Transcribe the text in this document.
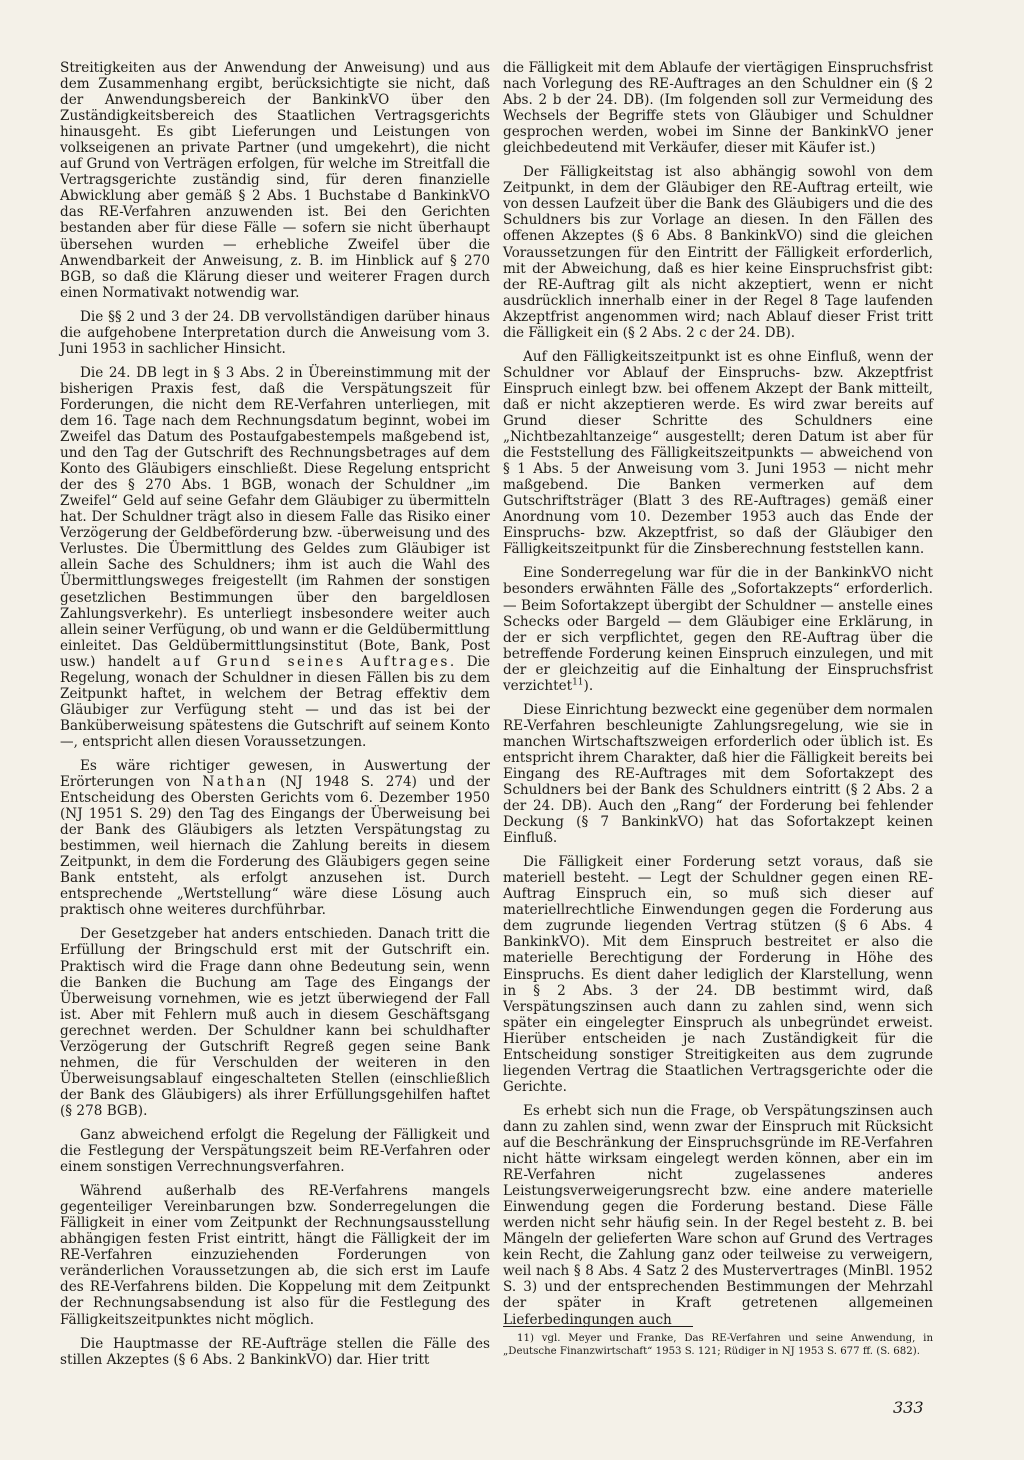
Streitigkeiten aus der Anwendung der Anweisung) und aus dem Zusammenhang ergibt, berücksichtigte sie nicht, daß der Anwendungsbereich der BankinkVO über den Zuständigkeitsbereich des Staatlichen Vertragsgerichts hinausgeht. Es gibt Lieferungen und Leistungen von volkseigenen an private Partner (und umgekehrt), die nicht auf Grund von Verträgen erfolgen, für welche im Streitfall die Vertragsgerichte zuständig sind, für deren finanzielle Abwicklung aber gemäß § 2 Abs. 1 Buchstabe d BankinkVO das RE-Verfahren anzuwenden ist. Bei den Gerichten bestanden aber für diese Fälle — sofern sie nicht überhaupt übersehen wurden — erhebliche Zweifel über die Anwendbarkeit der Anweisung, z. B. im Hinblick auf § 270 BGB, so daß die Klärung dieser und weiterer Fragen durch einen Normativakt notwendig war.

Die §§ 2 und 3 der 24. DB vervollständigen darüber hinaus die aufgehobene Interpretation durch die Anweisung vom 3. Juni 1953 in sachlicher Hinsicht.

Die 24. DB legt in § 3 Abs. 2 in Übereinstimmung mit der bisherigen Praxis fest, daß die Verspätungszeit für Forderungen, die nicht dem RE-Verfahren unterliegen, mit dem 16. Tage nach dem Rechnungsdatum beginnt, wobei im Zweifel das Datum des Postaufgabestempels maßgebend ist, und den Tag der Gutschrift des Rechnungsbetrages auf dem Konto des Gläubigers einschließt. Diese Regelung entspricht der des § 270 Abs. 1 BGB, wonach der Schuldner „im Zweifel“ Geld auf seine Gefahr dem Gläubiger zu übermitteln hat. Der Schuldner trägt also in diesem Falle das Risiko einer Verzögerung der Geldbeförderung bzw. -überweisung und des Verlustes. Die Übermittlung des Geldes zum Gläubiger ist allein Sache des Schuldners; ihm ist auch die Wahl des Übermittlungsweges freigestellt (im Rahmen der sonstigen gesetzlichen Bestimmungen über den bargeldlosen Zahlungsverkehr). Es unterliegt insbesondere weiter auch allein seiner Verfügung, ob und wann er die Geldübermittlung einleitet. Das Geldübermittlungsinstitut (Bote, Bank, Post usw.) handelt auf Grund seines Auftrages. Die Regelung, wonach der Schuldner in diesen Fällen bis zu dem Zeitpunkt haftet, in welchem der Betrag effektiv dem Gläubiger zur Verfügung steht — und das ist bei der Banküberweisung spätestens die Gutschrift auf seinem Konto —, entspricht allen diesen Voraussetzungen.

Es wäre richtiger gewesen, in Auswertung der Erörterungen von Nathan (NJ 1948 S. 274) und der Entscheidung des Obersten Gerichts vom 6. Dezember 1950 (NJ 1951 S. 29) den Tag des Eingangs der Überweisung bei der Bank des Gläubigers als letzten Verspätungstag zu bestimmen, weil hiernach die Zahlung bereits in diesem Zeitpunkt, in dem die Forderung des Gläubigers gegen seine Bank entsteht, als erfolgt anzusehen ist. Durch entsprechende „Wertstellung“ wäre diese Lösung auch praktisch ohne weiteres durchführbar.

Der Gesetzgeber hat anders entschieden. Danach tritt die Erfüllung der Bringschuld erst mit der Gutschrift ein. Praktisch wird die Frage dann ohne Bedeutung sein, wenn die Banken die Buchung am Tage des Eingangs der Überweisung vornehmen, wie es jetzt überwiegend der Fall ist. Aber mit Fehlern muß auch in diesem Geschäftsgang gerechnet werden. Der Schuldner kann bei schuldhafter Verzögerung der Gutschrift Regreß gegen seine Bank nehmen, die für Verschulden der weiteren in den Überweisungsablauf eingeschalteten Stellen (einschließlich der Bank des Gläubigers) als ihrer Erfüllungsgehilfen haftet (§ 278 BGB).

Ganz abweichend erfolgt die Regelung der Fälligkeit und die Festlegung der Verspätungszeit beim RE-Verfahren oder einem sonstigen Verrechnungsverfahren.

Während außerhalb des RE-Verfahrens mangels gegenteiliger Vereinbarungen bzw. Sonderregelungen die Fälligkeit in einer vom Zeitpunkt der Rechnungsausstellung abhängigen festen Frist eintritt, hängt die Fälligkeit der im RE-Verfahren einzuziehenden Forderungen von veränderlichen Voraussetzungen ab, die sich erst im Laufe des RE-Verfahrens bilden. Die Koppelung mit dem Zeitpunkt der Rechnungsabsendung ist also für die Festlegung des Fälligkeitszeitpunktes nicht möglich.

Die Hauptmasse der RE-Aufträge stellen die Fälle des stillen Akzeptes (§ 6 Abs. 2 BankinkVO) dar. Hier tritt

die Fälligkeit mit dem Ablaufe der viertägigen Einspruchsfrist nach Vorlegung des RE-Auftrages an den Schuldner ein (§ 2 Abs. 2 b der 24. DB). (Im folgenden soll zur Vermeidung des Wechsels der Begriffe stets von Gläubiger und Schuldner gesprochen werden, wobei im Sinne der BankinkVO jener gleichbedeutend mit Verkäufer, dieser mit Käufer ist.)

Der Fälligkeitstag ist also abhängig sowohl von dem Zeitpunkt, in dem der Gläubiger den RE-Auftrag erteilt, wie von dessen Laufzeit über die Bank des Gläubigers und die des Schuldners bis zur Vorlage an diesen. In den Fällen des offenen Akzeptes (§ 6 Abs. 8 BankinkVO) sind die gleichen Voraussetzungen für den Eintritt der Fälligkeit erforderlich, mit der Abweichung, daß es hier keine Einspruchsfrist gibt: der RE-Auftrag gilt als nicht akzeptiert, wenn er nicht ausdrücklich innerhalb einer in der Regel 8 Tage laufenden Akzeptfrist angenommen wird; nach Ablauf dieser Frist tritt die Fälligkeit ein (§ 2 Abs. 2 c der 24. DB).

Auf den Fälligkeitszeitpunkt ist es ohne Einfluß, wenn der Schuldner vor Ablauf der Einspruchs- bzw. Akzeptfrist Einspruch einlegt bzw. bei offenem Akzept der Bank mitteilt, daß er nicht akzeptieren werde. Es wird zwar bereits auf Grund dieser Schritte des Schuldners eine „Nichtbezahltanzeige“ ausgestellt; deren Datum ist aber für die Feststellung des Fälligkeitszeitpunkts — abweichend von § 1 Abs. 5 der Anweisung vom 3. Juni 1953 — nicht mehr maßgebend. Die Banken vermerken auf dem Gutschriftsträger (Blatt 3 des RE-Auftrages) gemäß einer Anordnung vom 10. Dezember 1953 auch das Ende der Einspruchs- bzw. Akzeptfrist, so daß der Gläubiger den Fälligkeitszeitpunkt für die Zinsberechnung feststellen kann.

Eine Sonderregelung war für die in der BankinkVO nicht besonders erwähnten Fälle des „Sofortakzepts“ erforderlich. — Beim Sofortakzept übergibt der Schuldner — anstelle eines Schecks oder Bargeld — dem Gläubiger eine Erklärung, in der er sich verpflichtet, gegen den RE-Auftrag über die betreffende Forderung keinen Einspruch einzulegen, und mit der er gleichzeitig auf die Einhaltung der Einspruchsfrist verzichtet$^{11}$).

Diese Einrichtung bezweckt eine gegenüber dem normalen RE-Verfahren beschleunigte Zahlungsregelung, wie sie in manchen Wirtschaftszweigen erforderlich oder üblich ist. Es entspricht ihrem Charakter, daß hier die Fälligkeit bereits bei Eingang des RE-Auftrages mit dem Sofortakzept des Schuldners bei der Bank des Schuldners eintritt (§ 2 Abs. 2 a der 24. DB). Auch den „Rang“ der Forderung bei fehlender Deckung (§ 7 BankinkVO) hat das Sofortakzept keinen Einfluß.

Die Fälligkeit einer Forderung setzt voraus, daß sie materiell besteht. — Legt der Schuldner gegen einen RE-Auftrag Einspruch ein, so muß sich dieser auf materiellrechtliche Einwendungen gegen die Forderung aus dem zugrunde liegenden Vertrag stützen (§ 6 Abs. 4 BankinkVO). Mit dem Einspruch bestreitet er also die materielle Berechtigung der Forderung in Höhe des Einspruchs. Es dient daher lediglich der Klarstellung, wenn in § 2 Abs. 3 der 24. DB bestimmt wird, daß Verspätungszinsen auch dann zu zahlen sind, wenn sich später ein eingelegter Einspruch als unbegründet erweist. Hierüber entscheiden je nach Zuständigkeit für die Entscheidung sonstiger Streitigkeiten aus dem zugrunde liegenden Vertrag die Staatlichen Vertragsgerichte oder die Gerichte.

Es erhebt sich nun die Frage, ob Verspätungszinsen auch dann zu zahlen sind, wenn zwar der Einspruch mit Rücksicht auf die Beschränkung der Einspruchsgründe im RE-Verfahren nicht hätte wirksam eingelegt werden können, aber ein im RE-Verfahren nicht zugelassenes anderes Leistungsverweigerungsrecht bzw. eine andere materielle Einwendung gegen die Forderung bestand. Diese Fälle werden nicht sehr häufig sein. In der Regel besteht z. B. bei Mängeln der gelieferten Ware schon auf Grund des Vertrages kein Recht, die Zahlung ganz oder teilweise zu verweigern, weil nach § 8 Abs. 4 Satz 2 des Mustervertrages (MinBl. 1952 S. 3) und der entsprechenden Bestimmungen der Mehrzahl der später in Kraft getretenen allgemeinen Lieferbedingungen auch

11) vgl. Meyer und Franke, Das RE-Verfahren und seine Anwendung, in „Deutsche Finanzwirtschaft“ 1953 S. 121; Rüdiger in NJ 1953 S. 677 ff. (S. 682).
333
